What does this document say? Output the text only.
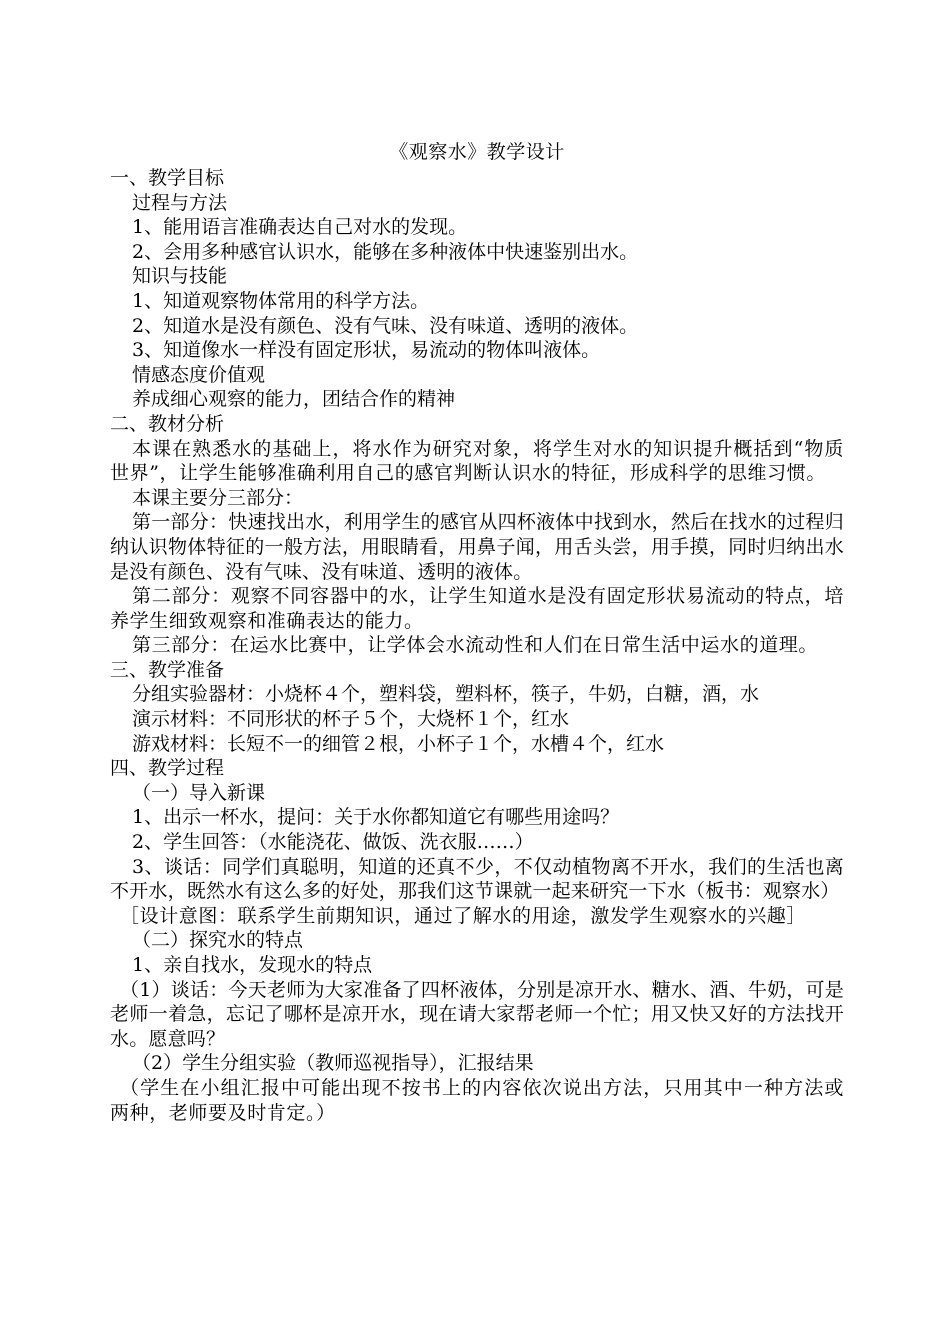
《观察水》教学设计
一、教学目标
过程与方法
1、能用语言准确表达自己对水的发现。
2、会用多种感官认识水，能够在多种液体中快速鉴别出水。
知识与技能
1、知道观察物体常用的科学方法。
2、知道水是没有颜色、没有气味、没有味道、透明的液体。
3、知道像水一样没有固定形状，易流动的物体叫液体。
情感态度价值观
养成细心观察的能力，团结合作的精神
二、教材分析
本课在熟悉水的基础上，将水作为研究对象，将学生对水的知识提升概括到“物质世界”，让学生能够准确利用自己的感官判断认识水的特征，形成科学的思维习惯。
本课主要分三部分：
第一部分：快速找出水，利用学生的感官从四杯液体中找到水，然后在找水的过程归纳认识物体特征的一般方法，用眼睛看，用鼻子闻，用舌头尝，用手摸，同时归纳出水是没有颜色、没有气味、没有味道、透明的液体。
第二部分：观察不同容器中的水，让学生知道水是没有固定形状易流动的特点，培养学生细致观察和准确表达的能力。
第三部分：在运水比赛中，让学体会水流动性和人们在日常生活中运水的道理。
三、教学准备
分组实验器材：小烧杯４个，塑料袋，塑料杯，筷子，牛奶，白糖，酒，水
演示材料：不同形状的杯子５个，大烧杯１个，红水
游戏材料：长短不一的细管２根，小杯子１个，水槽４个，红水
四、教学过程
（一）导入新课
1、出示一杯水，提问：关于水你都知道它有哪些用途吗？
2、学生回答：（水能浇花、做饭、洗衣服……）
3、谈话：同学们真聪明，知道的还真不少，不仅动植物离不开水，我们的生活也离不开水，既然水有这么多的好处，那我们这节课就一起来研究一下水（板书：观察水）
［设计意图：联系学生前期知识，通过了解水的用途，激发学生观察水的兴趣］
（二）探究水的特点
1、亲自找水，发现水的特点
（1）谈话：今天老师为大家准备了四杯液体，分别是凉开水、糖水、酒、牛奶，可是老师一着急，忘记了哪杯是凉开水，现在请大家帮老师一个忙；用又快又好的方法找开水。愿意吗？
（2）学生分组实验（教师巡视指导），汇报结果
（学生在小组汇报中可能出现不按书上的内容依次说出方法，只用其中一种方法或两种，老师要及时肯定。）
